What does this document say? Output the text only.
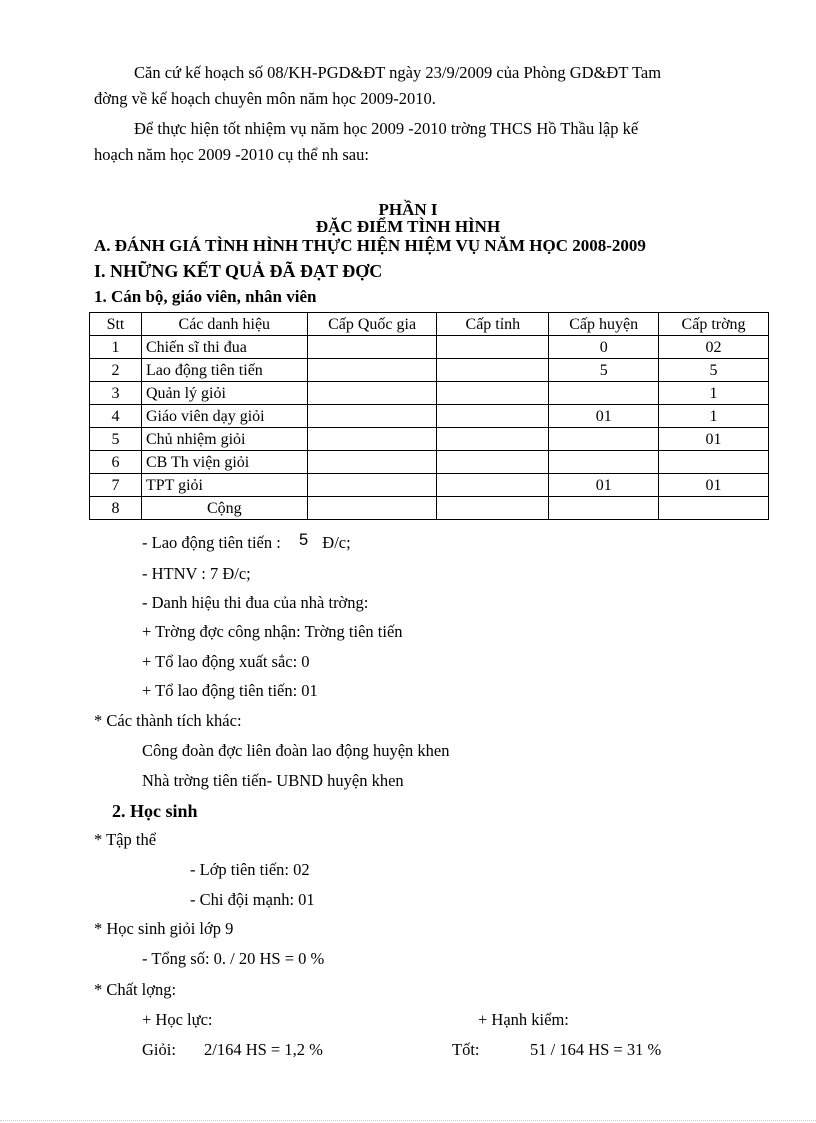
Căn cứ kế hoạch số 08/KH-PGD&ĐT ngày 23/9/2009 của Phòng GD&ĐT Tam
đờng về kế hoạch chuyên môn năm học 2009-2010.
Để thực hiện tốt nhiệm vụ năm học 2009 -2010 trờng THCS Hồ Thầu lập kế
hoạch năm học 2009 -2010 cụ thể nh sau:
PHẦN I
ĐẶC ĐIỂM TÌNH HÌNH
A. ĐÁNH GIÁ TÌNH HÌNH THỰC HIỆN HIỆM VỤ NĂM HỌC 2008-2009
I. NHỮNG KẾT QUẢ ĐÃ ĐẠT ĐỢC
1. Cán bộ, giáo viên, nhân viên
Stt	Các danh hiệu	Cấp Quốc gia	Cấp tỉnh	Cấp huyện	Cấp trờng
1	Chiến sĩ thi đua			0	02
2	Lao động tiên tiến			5	5
3	Quản lý giỏi				1
4	Giáo viên dạy giỏi			01	1
5	Chủ nhiệm giỏi				01
6	CB Th viện giỏi				
7	TPT giỏi			01	01
8	Cộng				
- Lao động tiên tiến : 5 Đ/c;
- HTNV : 7 Đ/c;
- Danh hiệu thi đua của nhà trờng:
+ Trờng đợc công nhận: Trờng tiên tiến
+ Tổ lao động xuất sắc: 0
+ Tổ lao động tiên tiến: 01
* Các thành tích khác:
Công đoàn đợc liên đoàn lao động huyện khen
Nhà trờng tiên tiến- UBND huyện khen
2. Học sinh
* Tập thể
- Lớp tiên tiến: 02
- Chi đội mạnh: 01
* Học sinh giỏi lớp 9
- Tổng số: 0. / 20 HS = 0 %
* Chất lợng:
+ Học lực:	+ Hạnh kiểm:
Giỏi: 2/164 HS = 1,2 %	Tốt:	51 / 164 HS = 31 %
